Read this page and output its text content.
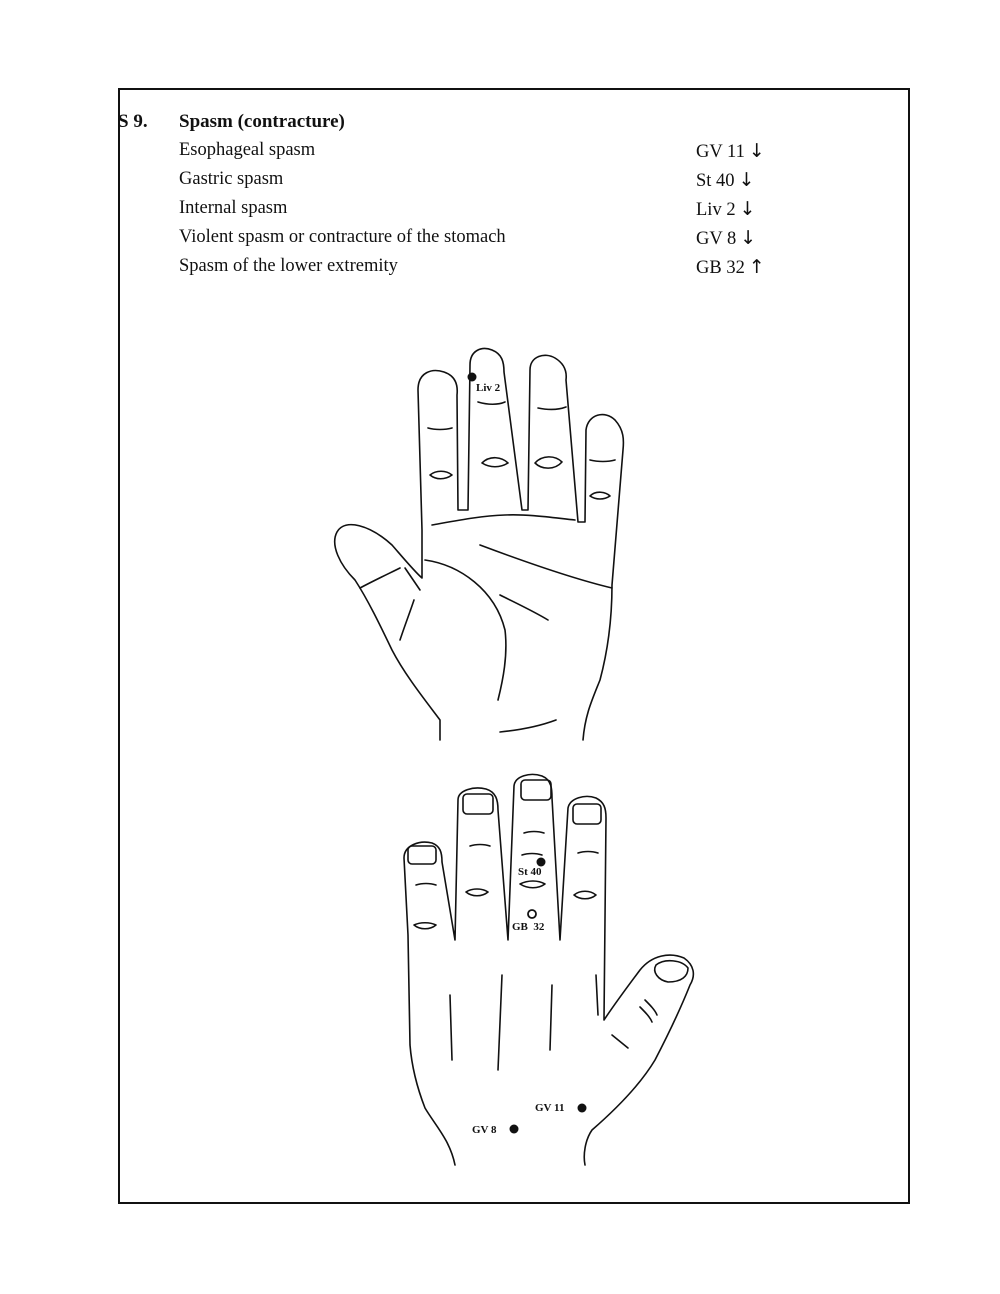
S 9. Spasm (contracture)
Esophageal spasm	GV 11 ↓
Gastric spasm	St 40 ↓
Internal spasm	Liv 2 ↓
Violent spasm or contracture of the stomach	GV 8 ↓
Spasm of the lower extremity	GB 32 ↑
Liv 2
St 40
GB  32
GV 11
GV 8
